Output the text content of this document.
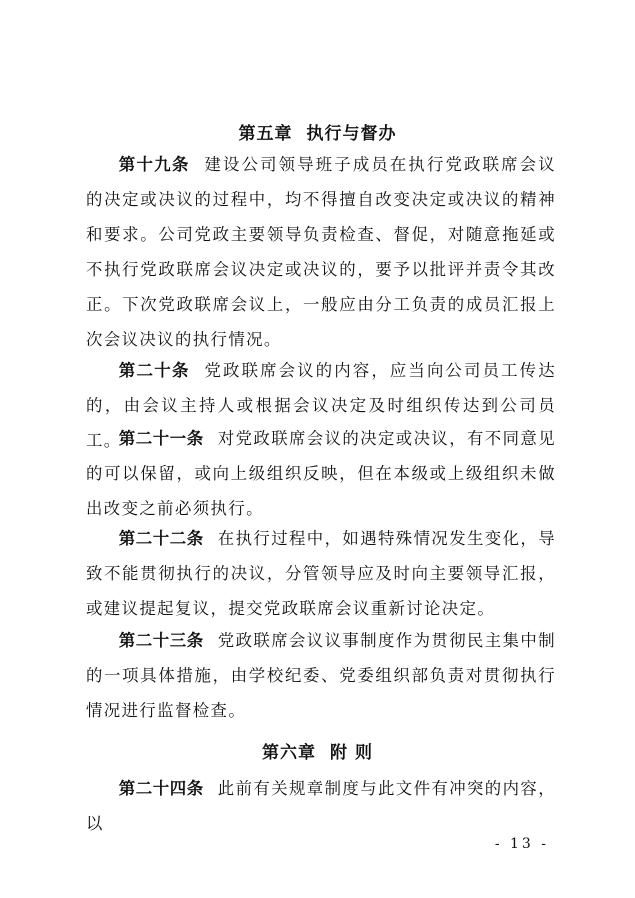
第五章 执行与督办

第十九条 建设公司领导班子成员在执行党政联席会议的决定或决议的过程中，均不得擅自改变决定或决议的精神和要求。公司党政主要领导负责检查、督促，对随意拖延或不执行党政联席会议决定或决议的，要予以批评并责令其改正。下次党政联席会议上，一般应由分工负责的成员汇报上次会议决议的执行情况。

第二十条 党政联席会议的内容，应当向公司员工传达的，由会议主持人或根据会议决定及时组织传达到公司员工。

第二十一条 对党政联席会议的决定或决议，有不同意见的可以保留，或向上级组织反映，但在本级或上级组织未做出改变之前必须执行。

第二十二条 在执行过程中，如遇特殊情况发生变化，导致不能贯彻执行的决议，分管领导应及时向主要领导汇报，或建议提起复议，提交党政联席会议重新讨论决定。

第二十三条 党政联席会议议事制度作为贯彻民主集中制的一项具体措施，由学校纪委、党委组织部负责对贯彻执行情况进行监督检查。

第六章 附 则

第二十四条 此前有关规章制度与此文件有冲突的内容，以

- 13 -
